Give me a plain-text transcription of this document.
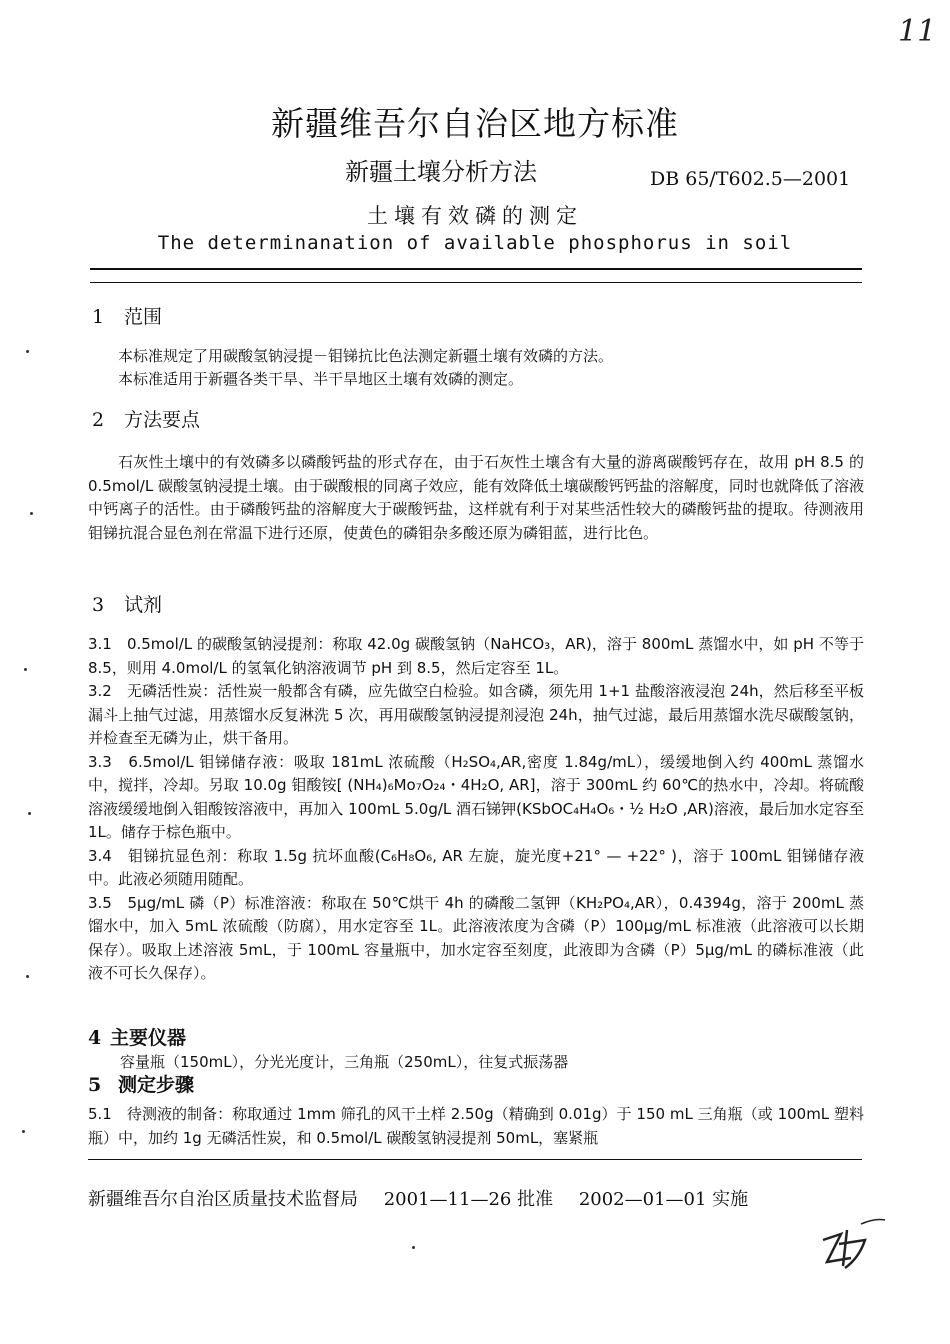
11
新疆维吾尔自治区地方标准
新疆土壤分析方法	DB 65/T602.5—2001
土壤有效磷的测定
The determinanation of available phosphorus in soil
1 范围
本标准规定了用碳酸氢钠浸提－钼锑抗比色法测定新疆土壤有效磷的方法。
本标准适用于新疆各类干旱、半干旱地区土壤有效磷的测定。
2 方法要点
石灰性土壤中的有效磷多以磷酸钙盐的形式存在，由于石灰性土壤含有大量的游离碳酸钙存在，故用 pH 8.5 的 0.5mol/L 碳酸氢钠浸提土壤。由于碳酸根的同离子效应，能有效降低土壤碳酸钙钙盐的溶解度，同时也就降低了溶液中钙离子的活性。由于磷酸钙盐的溶解度大于碳酸钙盐，这样就有利于对某些活性较大的磷酸钙盐的提取。待测液用钼锑抗混合显色剂在常温下进行还原，使黄色的磷钼杂多酸还原为磷钼蓝，进行比色。
3 试剂
3.1　0.5mol/L 的碳酸氢钠浸提剂：称取 42.0g 碳酸氢钠（NaHCO₃，AR)，溶于 800mL 蒸馏水中，如 pH 不等于 8.5，则用 4.0mol/L 的氢氧化钠溶液调节 pH 到 8.5，然后定容至 1L。
3.2　无磷活性炭：活性炭一般都含有磷，应先做空白检验。如含磷，须先用 1+1 盐酸溶液浸泡 24h，然后移至平板漏斗上抽气过滤，用蒸馏水反复淋洗 5 次，再用碳酸氢钠浸提剂浸泡 24h，抽气过滤，最后用蒸馏水洗尽碳酸氢钠，并检查至无磷为止，烘干备用。
3.3　6.5mol/L 钼锑储存液：吸取 181mL 浓硫酸（H₂SO₄,AR,密度 1.84g/mL），缓缓地倒入约 400mL 蒸馏水中，搅拌，冷却。另取 10.0g 钼酸铵[ (NH₄)₆Mo₇O₂₄・4H₂O, AR]，溶于 300mL 约 60℃的热水中，冷却。将硫酸溶液缓缓地倒入钼酸铵溶液中，再加入 100mL 5.0g/L 酒石锑钾(KSbOC₄H₄O₆・½ H₂O ,AR)溶液，最后加水定容至 1L。储存于棕色瓶中。
3.4　钼锑抗显色剂：称取 1.5g 抗坏血酸(C₆H₈O₆, AR 左旋，旋光度+21° — +22° )，溶于 100mL 钼锑储存液中。此液必须随用随配。
3.5　5μg/mL 磷（P）标准溶液：称取在 50℃烘干 4h 的磷酸二氢钾（KH₂PO₄,AR），0.4394g，溶于 200mL 蒸馏水中，加入 5mL 浓硫酸（防腐），用水定容至 1L。此溶液浓度为含磷（P）100μg/mL 标准液（此溶液可以长期保存）。吸取上述溶液 5mL，于 100mL 容量瓶中，加水定容至刻度，此液即为含磷（P）5μg/mL 的磷标准液（此液不可长久保存）。
4 主要仪器
容量瓶（150mL），分光光度计，三角瓶（250mL），往复式振荡器
5 测定步骤
5.1　待测液的制备：称取通过 1mm 筛孔的风干土样 2.50g（精确到 0.01g）于 150 mL 三角瓶（或 100mL 塑料瓶）中，加约 1g 无磷活性炭，和 0.5mol/L 碳酸氢钠浸提剂 50mL，塞紧瓶
新疆维吾尔自治区质量技术监督局 2001—11—26 批准 2002—01—01 实施
